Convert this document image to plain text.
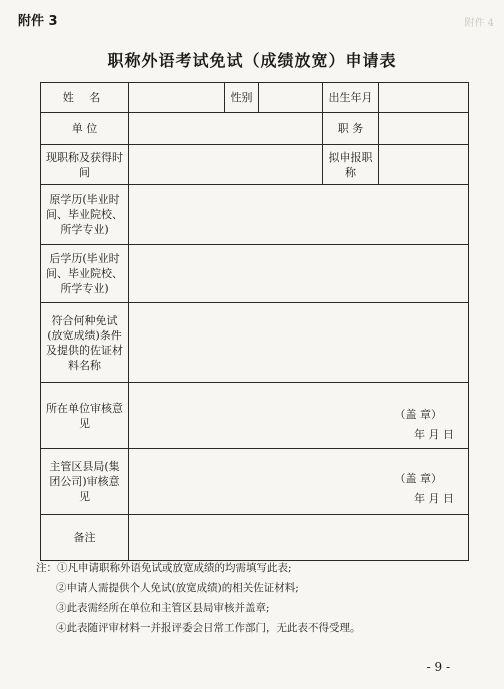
附件 3	附件 4
职称外语考试免试（成绩放宽）申请表
姓 名		性别		出生年月	
单 位				职 务	
现职称及获得时间				拟申报职 称	
原学历(毕业时间、毕业院校、所学专业)					
后学历(毕业时间、毕业院校、所学专业)					
符合何种免试(放宽成绩)条件及提供的佐证材料名称					
所在单位审核意见	（盖 章）
年 月 日				

主管区县局(集团公司)审核意见	（盖 章）
年 月 日				

备注					
注：①凡申请职称外语免试或放宽成绩的均需填写此表;
②申请人需提供个人免试(放宽成绩)的相关佐证材料;
③此表需经所在单位和主管区县局审核并盖章;
④此表随评审材料一并报评委会日常工作部门，无此表不得受理。
- 9 -
